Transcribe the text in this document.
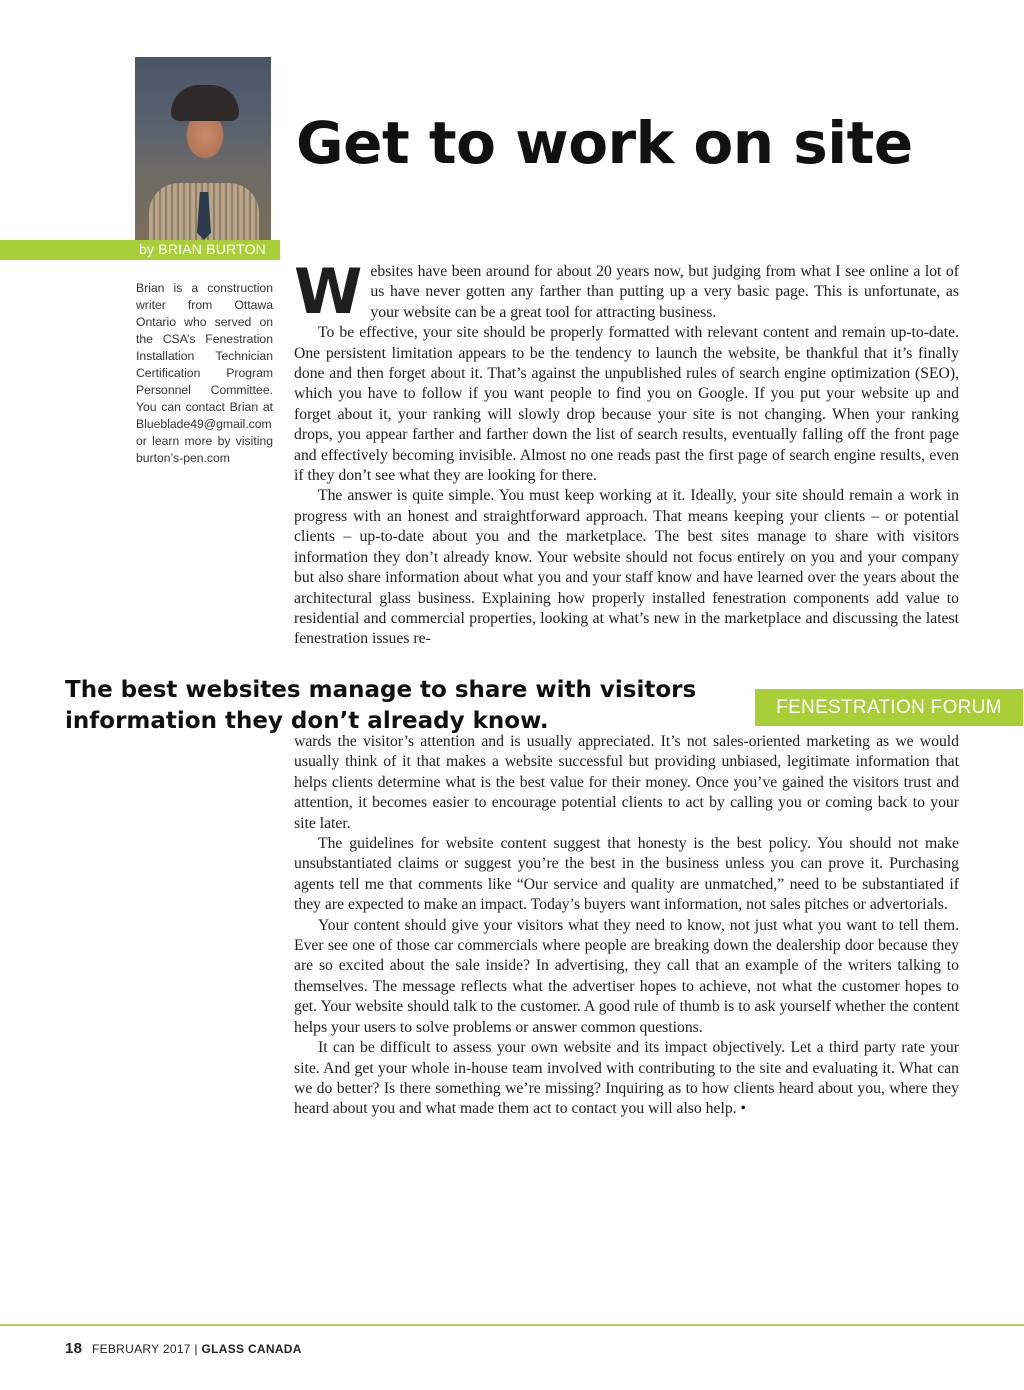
by BRIAN BURTON
Get to work on site

Brian is a construction writer from Ottawa Ontario who served on the CSA’s Fenestration Installation Technician Certification Program Personnel Committee. You can contact Brian at Blueblade49@gmail.com or learn more by visiting burton’s-pen.com

Websites have been around for about 20 years now, but judging from what I see online a lot of us have never gotten any farther than putting up a very basic page. This is unfortunate, as your website can be a great tool for attracting business.

To be effective, your site should be properly formatted with relevant content and remain up-to-date. One persistent limitation appears to be the tendency to launch the website, be thankful that it’s finally done and then forget about it. That’s against the unpublished rules of search engine optimization (SEO), which you have to follow if you want people to find you on Google. If you put your website up and forget about it, your ranking will slowly drop because your site is not changing. When your ranking drops, you appear farther and farther down the list of search results, eventually falling off the front page and effectively becoming invisible. Almost no one reads past the first page of search engine results, even if they don’t see what they are looking for there.

The answer is quite simple. You must keep working at it. Ideally, your site should remain a work in progress with an honest and straightforward approach. That means keeping your clients – or potential clients – up-to-date about you and the marketplace. The best sites manage to share with visitors information they don’t already know. Your website should not focus entirely on you and your company but also share information about what you and your staff know and have learned over the years about the architectural glass business. Explaining how properly installed fenestration components add value to residential and commercial properties, looking at what’s new in the marketplace and discussing the latest fenestration issues re-

The best websites manage to share with visitors information they don’t already know.

FENESTRATION FORUM

wards the visitor’s attention and is usually appreciated. It’s not sales-oriented marketing as we would usually think of it that makes a website successful but providing unbiased, legitimate information that helps clients determine what is the best value for their money. Once you’ve gained the visitors trust and attention, it becomes easier to encourage potential clients to act by calling you or coming back to your site later.

The guidelines for website content suggest that honesty is the best policy. You should not make unsubstantiated claims or suggest you’re the best in the business unless you can prove it. Purchasing agents tell me that comments like “Our service and quality are unmatched,” need to be substantiated if they are expected to make an impact. Today’s buyers want information, not sales pitches or advertorials.

Your content should give your visitors what they need to know, not just what you want to tell them. Ever see one of those car commercials where people are breaking down the dealership door because they are so excited about the sale inside? In advertising, they call that an example of the writers talking to themselves. The message reflects what the advertiser hopes to achieve, not what the customer hopes to get. Your website should talk to the customer. A good rule of thumb is to ask yourself whether the content helps your users to solve problems or answer common questions.

It can be difficult to assess your own website and its impact objectively. Let a third party rate your site. And get your whole in-house team involved with contributing to the site and evaluating it. What can we do better? Is there something we’re missing? Inquiring as to how clients heard about you, where they heard about you and what made them act to contact you will also help. •

18 FEBRUARY 2017 | GLASS CANADA
